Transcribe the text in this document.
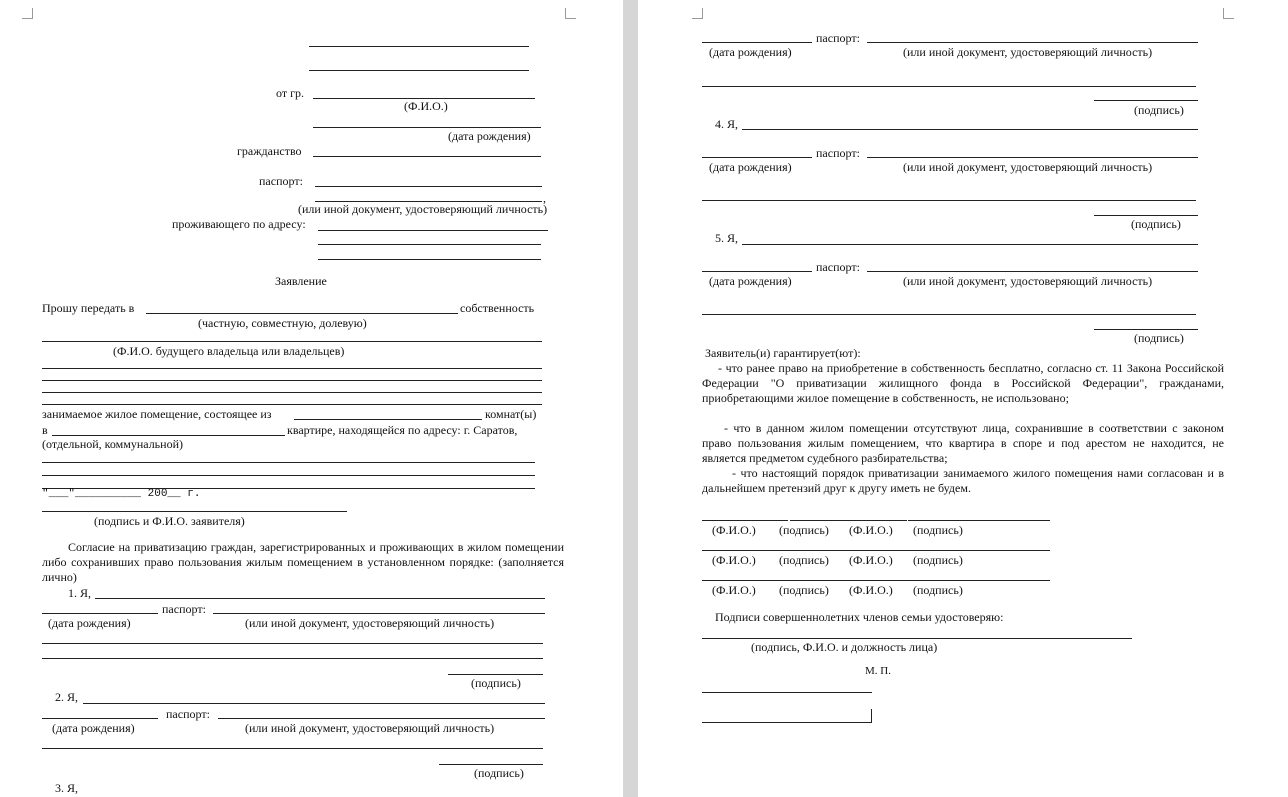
от гр.
(Ф.И.О.)
(дата рождения)
гражданство
паспорт:
,
(или иной документ, удостоверяющий личность)
проживающего по адресу:
Заявление
Прошу передать в	собственность
(частную, совместную, долевую)
(Ф.И.О. будущего владельца или владельцев)
занимаемое жилое помещение, состоящее из	комнат(ы)
в	квартире, находящейся по адресу: г. Саратов,
(отдельной, коммунальной)
"___"__________ 200__ г.
(подпись и Ф.И.О. заявителя)
Согласие на приватизацию граждан, зарегистрированных и проживающих в жилом помещении либо сохранивших право пользования жилым помещением в установленном порядке: (заполняется лично)
1. Я,
паспорт:
(дата рождения)	(или иной документ, удостоверяющий личность)
(подпись)
2. Я,
паспорт:
(дата рождения)	(или иной документ, удостоверяющий личность)
(подпись)
3. Я,
паспорт:
(дата рождения)	(или иной документ, удостоверяющий личность)
(подпись)
4. Я,
паспорт:
(дата рождения)	(или иной документ, удостоверяющий личность)
(подпись)
5. Я,
паспорт:
(дата рождения)	(или иной документ, удостоверяющий личность)
(подпись)
Заявитель(и) гарантирует(ют):
- что ранее право на приобретение в собственность бесплатно, согласно ст. 11 Закона Российской Федерации "О приватизации жилищного фонда в Российской Федерации", гражданами, приобретающими жилое помещение в собственность, не использовано;
- что в данном жилом помещении отсутствуют лица, сохранившие в соответствии с законом право пользования жилым помещением, что квартира в споре и под арестом не находится, не является предметом судебного разбирательства;
- что настоящий порядок приватизации занимаемого жилого помещения нами согласован и в дальнейшем претензий друг к другу иметь не будем.
(Ф.И.О.) (подпись) (Ф.И.О.) (подпись)
(Ф.И.О.) (подпись) (Ф.И.О.) (подпись)
(Ф.И.О.) (подпись) (Ф.И.О.) (подпись)
Подписи совершеннолетних членов семьи удостоверяю:
(подпись, Ф.И.О. и должность лица)
М. П.
